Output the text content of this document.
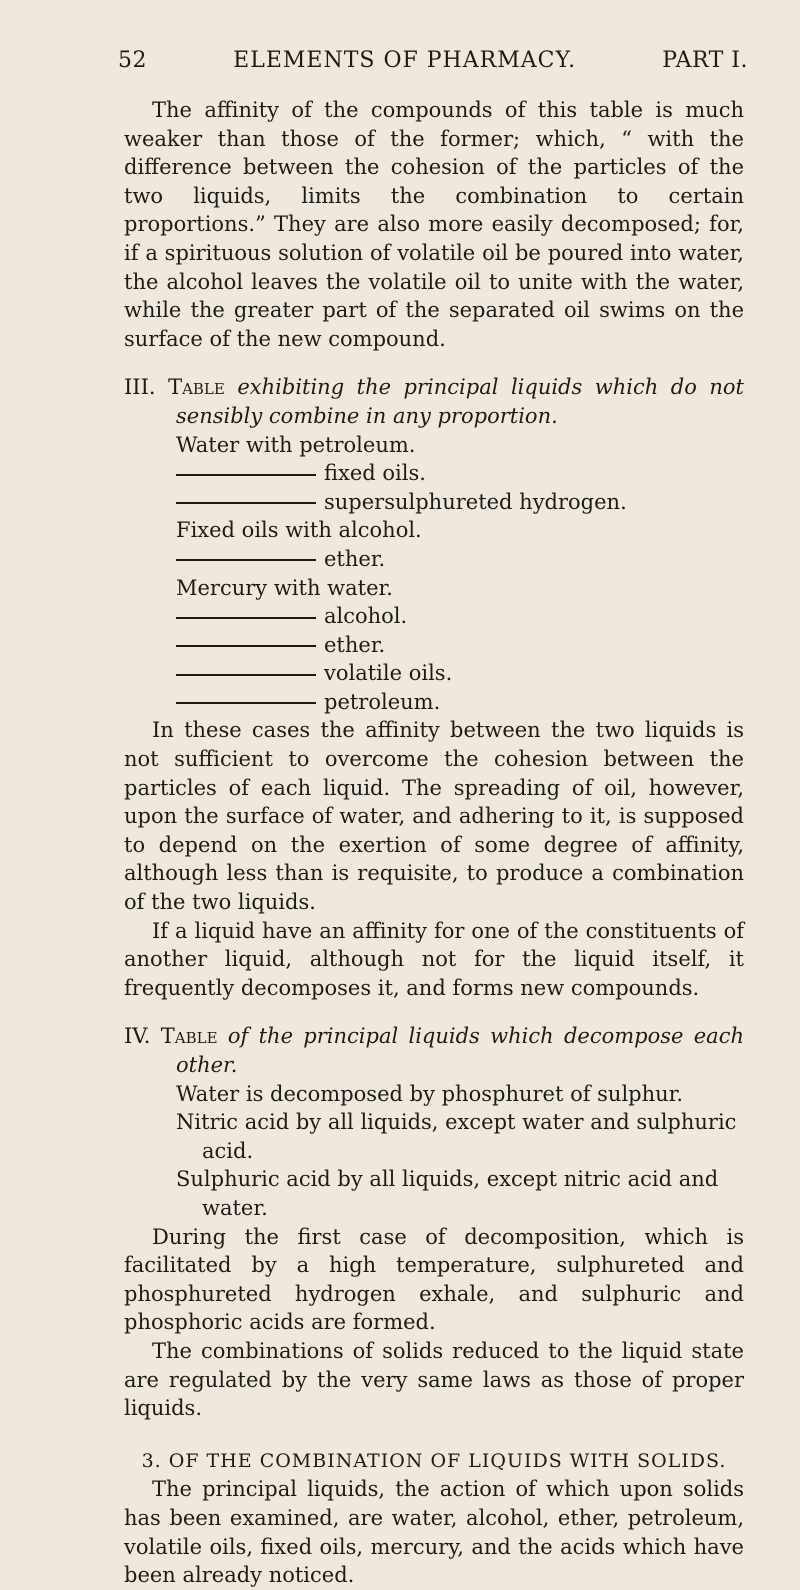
52	ELEMENTS OF PHARMACY.	PART I.

The affinity of the compounds of this table is much weaker than those of the former; which, “ with the difference between the cohesion of the particles of the two liquids, limits the combination to certain proportions.” They are also more easily decomposed; for, if a spirituous solution of volatile oil be poured into water, the alcohol leaves the volatile oil to unite with the water, while the greater part of the separated oil swims on the surface of the new compound.

III. Table exhibiting the principal liquids which do not sensibly combine in any proportion.

Water with petroleum.
fixed oils.
supersulphureted hydrogen.
Fixed oils with alcohol.
ether.
Mercury with water.
alcohol.
ether.
volatile oils.
petroleum.

In these cases the affinity between the two liquids is not sufficient to overcome the cohesion between the particles of each liquid. The spreading of oil, however, upon the surface of water, and adhering to it, is supposed to depend on the exertion of some degree of affinity, although less than is requisite, to produce a combination of the two liquids.

If a liquid have an affinity for one of the constituents of another liquid, although not for the liquid itself, it frequently decomposes it, and forms new compounds.

IV. Table of the principal liquids which decompose each other.

Water is decomposed by phosphuret of sulphur.
Nitric acid by all liquids, except water and sulphuric acid.
Sulphuric acid by all liquids, except nitric acid and water.

During the first case of decomposition, which is facilitated by a high temperature, sulphureted and phosphureted hydrogen exhale, and sulphuric and phosphoric acids are formed.

The combinations of solids reduced to the liquid state are regulated by the very same laws as those of proper liquids.

3. OF THE COMBINATION OF LIQUIDS WITH SOLIDS.

The principal liquids, the action of which upon solids has been examined, are water, alcohol, ether, petroleum, volatile oils, fixed oils, mercury, and the acids which have been already noticed.
